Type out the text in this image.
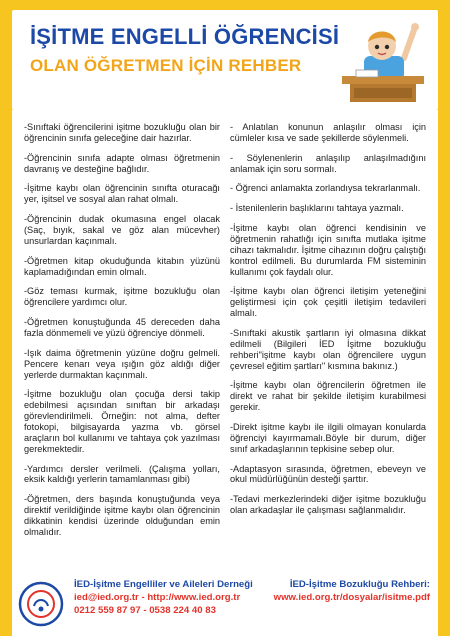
İŞİTME ENGELLİ ÖĞRENCİSİ
OLAN ÖĞRETMEN İÇİN REHBER

-Sınıftaki öğrencilerini işitme bozukluğu olan bir öğrencinin sınıfa geleceğine dair hazırlar.

-Öğrencinin sınıfa adapte olması öğretmenin davranış ve desteğine bağlıdır.

-İşitme kaybı olan öğrencinin sınıfta oturacağı yer, işitsel ve sosyal alan rahat olmalı.

-Öğrencinin dudak okumasına engel olacak (Saç, bıyık, sakal ve göz alan mücevher) unsurlardan kaçınmalı.

-Öğretmen kitap okuduğunda kitabın yüzünü kaplamadığından emin olmalı.

-Göz teması kurmak, işitme bozukluğu olan öğrencilere yardımcı olur.

-Öğretmen konuştuğunda 45 dereceden daha fazla dönmemeli ve yüzü öğrenciye dönmeli.

-Işık daima öğretmenin yüzüne doğru gelmeli. Pencere kenarı veya ışığın göz aldığı diğer yerlerde durmaktan kaçınmalı.

-İşitme bozukluğu olan çocuğa dersi takip edebilmesi açısından sınıftan bir arkadaşı görevlendirilmeli. Örneğin: not alma, defter fotokopi, bilgisayarda yazma vb. görsel araçların bol kullanımı ve tahtaya çok yazılması gerekmektedir.

-Yardımcı dersler verilmeli. (Çalışma yolları, eksik kaldığı yerlerin tamamlanması gibi)

-Öğretmen, ders başında konuştuğunda veya direktif verildiğinde işitme kaybı olan öğrencinin dikkatinin kendisi üzerinde olduğundan emin olmalıdır.

- Anlatılan konunun anlaşılır olması için cümleler kısa ve sade şekillerde söylenmeli.

- Söylenenlerin anlaşılıp anlaşılmadığını anlamak için soru sormalı.

- Öğrenci anlamakta zorlandıysa tekrarlanmalı.

- İstenilenlerin başlıklarını tahtaya yazmalı.

-İşitme kaybı olan öğrenci kendisinin ve öğretmenin rahatlığı için sınıfta mutlaka işitme cihazı takmalıdır. İşitme cihazının doğru çalıştığı kontrol edilmeli. Bu durumlarda FM sisteminin kullanımı çok faydalı olur.

-İşitme kaybı olan öğrenci iletişim yeteneğini geliştirmesi için çok çeşitli iletişim tedavileri almalı.

-Sınıftaki akustik şartların iyi olmasına dikkat edilmeli (Bilgileri İED İşitme bozukluğu rehberi"işitme kaybı olan öğrencilere uygun çevresel eğitim şartları" kısmına bakınız.)

-İşitme kaybı olan öğrencilerin öğretmen ile direkt ve rahat bir şekilde iletişim kurabilmesi gerekir.

-Direkt işitme kaybı ile ilgili olmayan konularda öğrenciyi kayırmamalı.Böyle bir durum, diğer sınıf arkadaşlarının tepkisine sebep olur.

-Adaptasyon sırasında, öğretmen, ebeveyn ve okul müdürlüğünün desteği şarttır.

-Tedavi merkezlerindeki diğer işitme bozukluğu olan arkadaşlar ile çalışması sağlanmalıdır.

İED-İşitme Engelliler ve Aileleri Derneği
ied@ied.org.tr - http://www.ied.org.tr
0212 559 87 97 - 0538 224 40 83
İED-İşitme Bozukluğu Rehberi:
www.ied.org.tr/dosyalar/isitme.pdf
